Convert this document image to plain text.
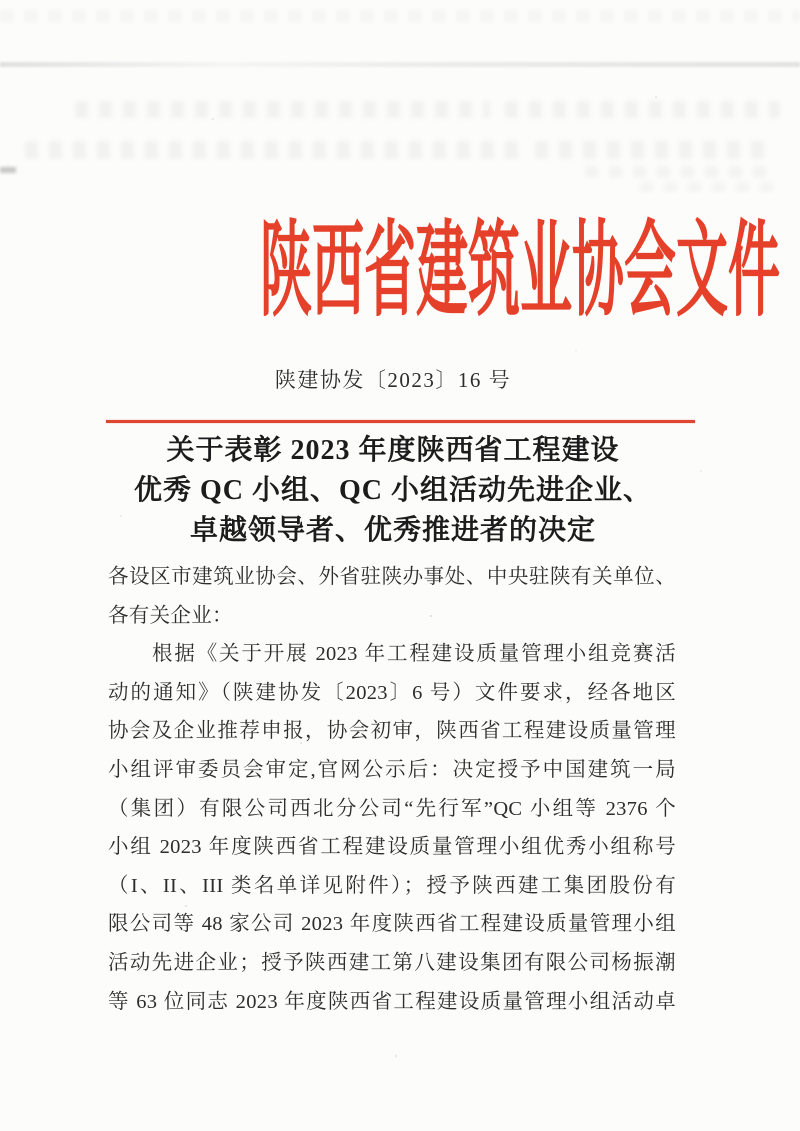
陕西省建筑业协会文件
陕建协发〔2023〕16 号
关于表彰 2023 年度陕西省工程建设
优秀 QC 小组、QC 小组活动先进企业、
卓越领导者、优秀推进者的决定
各设区市建筑业协会、外省驻陕办事处、中央驻陕有关单位、
各有关企业：
根据《关于开展 2023 年工程建设质量管理小组竞赛活
动的通知》（陕建协发〔2023〕6 号）文件要求，经各地区
协会及企业推荐申报，协会初审，陕西省工程建设质量管理
小组评审委员会审定,官网公示后：决定授予中国建筑一局
（集团）有限公司西北分公司“先行军”QC 小组等 2376 个
小组 2023 年度陕西省工程建设质量管理小组优秀小组称号
（I、II、III 类名单详见附件）；授予陕西建工集团股份有
限公司等 48 家公司 2023 年度陕西省工程建设质量管理小组
活动先进企业；授予陕西建工第八建设集团有限公司杨振潮
等 63 位同志 2023 年度陕西省工程建设质量管理小组活动卓
